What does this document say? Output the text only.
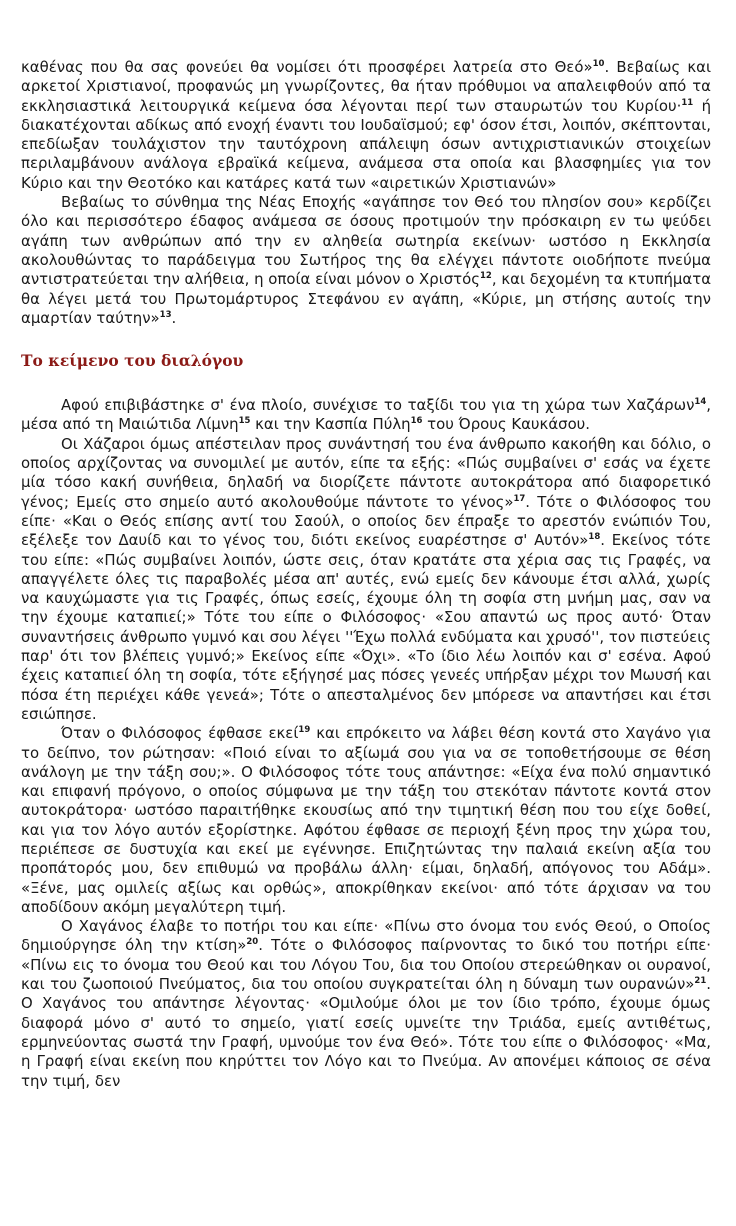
καθένας που θα σας φονεύει θα νομίσει ότι προσφέρει λατρεία στο Θεό»$^{10}$. Βεβαίως και αρκετοί Χριστιανοί, προφανώς μη γνωρίζοντες, θα ήταν πρόθυμοι να απαλειφθούν από τα εκκλησιαστικά λειτουργικά κείμενα όσα λέγονται περί των σταυρωτών του Κυρίου·$^{11}$ ή διακατέχονται αδίκως από ενοχή έναντι του Ιουδαϊσμού; εφ' όσον έτσι, λοιπόν, σκέπτονται, επεδίωξαν τουλάχιστον την ταυτόχρονη απάλειψη όσων αντιχριστιανικών στοιχείων περιλαμβάνουν ανάλογα εβραϊκά κείμενα, ανάμεσα στα οποία και βλασφημίες για τον Κύριο και την Θεοτόκο και κατάρες κατά των «αιρετικών Χριστιανών»

Βεβαίως το σύνθημα της Νέας Εποχής «αγάπησε τον Θεό του πλησίον σου» κερδίζει όλο και περισσότερο έδαφος ανάμεσα σε όσους προτιμούν την πρόσκαιρη εν τω ψεύδει αγάπη των ανθρώπων από την εν αληθεία σωτηρία εκείνων· ωστόσο η Εκκλησία ακολουθώντας το παράδειγμα του Σωτήρος της θα ελέγχει πάντοτε οιοδήποτε πνεύμα αντιστρατεύεται την αλήθεια, η οποία είναι μόνον ο Χριστός$^{12}$, και δεχομένη τα κτυπήματα θα λέγει μετά του Πρωτομάρτυρος Στεφάνου εν αγάπη, «Κύριε, μη στήσης αυτοίς την αμαρτίαν ταύτην»$^{13}$.

Το κείμενο του διαλόγου

Αφού επιβιβάστηκε σ' ένα πλοίο, συνέχισε το ταξίδι του για τη χώρα των Χαζάρων$^{14}$, μέσα από τη Μαιώτιδα Λίμνη$^{15}$ και την Κασπία Πύλη$^{16}$ του Όρους Καυκάσου.

Οι Χάζαροι όμως απέστειλαν προς συνάντησή του ένα άνθρωπο κακοήθη και δόλιο, ο οποίος αρχίζοντας να συνομιλεί με αυτόν, είπε τα εξής: «Πώς συμβαίνει σ' εσάς να έχετε μία τόσο κακή συνήθεια, δηλαδή να διορίζετε πάντοτε αυτοκράτορα από διαφορετικό γένος; Εμείς στο σημείο αυτό ακολουθούμε πάντοτε το γένος»$^{17}$. Τότε ο Φιλόσοφος του είπε· «Και ο Θεός επίσης αντί του Σαούλ, ο οποίος δεν έπραξε το αρεστόν ενώπιόν Του, εξέλεξε τον Δαυίδ και το γένος του, διότι εκείνος ευαρέστησε σ' Αυτόν»$^{18}$. Εκείνος τότε του είπε: «Πώς συμβαίνει λοιπόν, ώστε σεις, όταν κρατάτε στα χέρια σας τις Γραφές, να απαγγέλετε όλες τις παραβολές μέσα απ' αυτές, ενώ εμείς δεν κάνουμε έτσι αλλά, χωρίς να καυχώμαστε για τις Γραφές, όπως εσείς, έχουμε όλη τη σοφία στη μνήμη μας, σαν να την έχουμε καταπιεί;» Τότε του είπε ο Φιλόσοφος· «Σου απαντώ ως προς αυτό· Όταν συναντήσεις άνθρωπο γυμνό και σου λέγει ''Έχω πολλά ενδύματα και χρυσό'', τον πιστεύεις παρ' ότι τον βλέπεις γυμνό;» Εκείνος είπε «Όχι». «Το ίδιο λέω λοιπόν και σ' εσένα. Αφού έχεις καταπιεί όλη τη σοφία, τότε εξήγησέ μας πόσες γενεές υπήρξαν μέχρι τον Μωυσή και πόσα έτη περιέχει κάθε γενεά»; Τότε ο απεσταλμένος δεν μπόρεσε να απαντήσει και έτσι εσιώπησε.

Όταν ο Φιλόσοφος έφθασε εκεί$^{19}$ και επρόκειτο να λάβει θέση κοντά στο Χαγάνο για το δείπνο, τον ρώτησαν: «Ποιό είναι το αξίωμά σου για να σε τοποθετήσουμε σε θέση ανάλογη με την τάξη σου;». Ο Φιλόσοφος τότε τους απάντησε: «Είχα ένα πολύ σημαντικό και επιφανή πρόγονο, ο οποίος σύμφωνα με την τάξη του στεκόταν πάντοτε κοντά στον αυτοκράτορα· ωστόσο παραιτήθηκε εκουσίως από την τιμητική θέση που του είχε δοθεί, και για τον λόγο αυτόν εξορίστηκε. Αφότου έφθασε σε περιοχή ξένη προς την χώρα του, περιέπεσε σε δυστυχία και εκεί με εγέννησε. Επιζητώντας την παλαιά εκείνη αξία του προπάτορός μου, δεν επιθυμώ να προβάλω άλλη· είμαι, δηλαδή, απόγονος του Αδάμ». «Ξένε, μας ομιλείς αξίως και ορθώς», αποκρίθηκαν εκείνοι· από τότε άρχισαν να του αποδίδουν ακόμη μεγαλύτερη τιμή.

Ο Χαγάνος έλαβε το ποτήρι του και είπε· «Πίνω στο όνομα του ενός Θεού, ο Οποίος δημιούργησε όλη την κτίση»$^{20}$. Τότε ο Φιλόσοφος παίρνοντας το δικό του ποτήρι είπε· «Πίνω εις το όνομα του Θεού και του Λόγου Του, δια του Οποίου στερεώθηκαν οι ουρανοί, και του ζωοποιού Πνεύματος, δια του οποίου συγκρατείται όλη η δύναμη των ουρανών»$^{21}$. Ο Χαγάνος του απάντησε λέγοντας· «Ομιλούμε όλοι με τον ίδιο τρόπο, έχουμε όμως διαφορά μόνο σ' αυτό το σημείο, γιατί εσείς υμνείτε την Τριάδα, εμείς αντιθέτως, ερμηνεύοντας σωστά την Γραφή, υμνούμε τον ένα Θεό». Τότε του είπε ο Φιλόσοφος· «Μα, η Γραφή είναι εκείνη που κηρύττει τον Λόγο και το Πνεύμα. Αν απονέμει κάποιος σε σένα την τιμή, δεν
